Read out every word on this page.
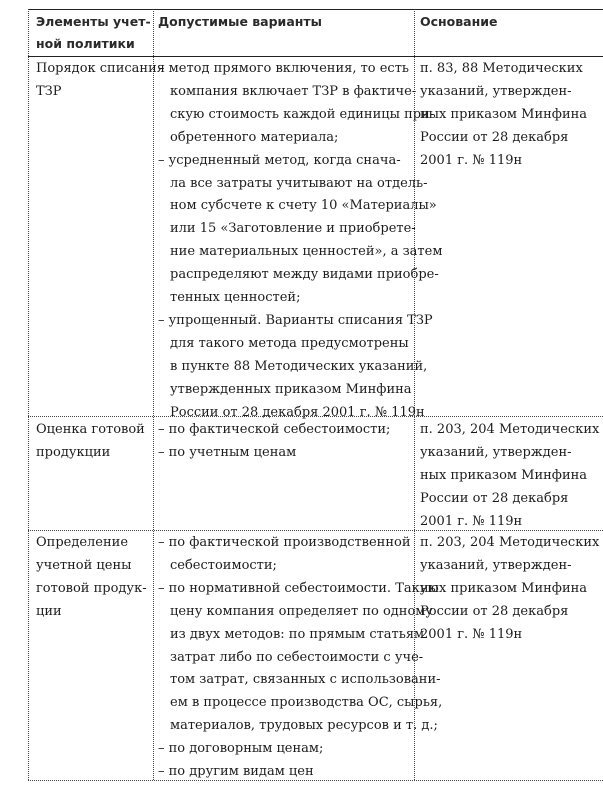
Элементы учет-
ной политики
Допустимые варианты	Основание
Порядок списания
ТЗР
– метод прямого включения, то есть
компания включает ТЗР в фактиче-
скую стоимость каждой единицы при-
обретенного материала;
– усредненный метод, когда снача-
ла все затраты учитывают на отдель-
ном субсчете к счету 10 «Материалы»
или 15 «Заготовление и приобрете-
ние материальных ценностей», а затем
распределяют между видами приобре-
тенных ценностей;
– упрощенный. Варианты списания ТЗР
для такого метода предусмотрены
в пункте 88 Методических указаний,
утвержденных приказом Минфина
России от 28 декабря 2001 г. № 119н
п. 83, 88 Методических
указаний, утвержден-
ных приказом Минфина
России от 28 декабря
2001 г. № 119н
Оценка готовой
продукции
– по фактической себестоимости;
– по учетным ценам
п. 203, 204 Методических
указаний, утвержден-
ных приказом Минфина
России от 28 декабря
2001 г. № 119н
Определение
учетной цены
готовой продук-
ции
– по фактической производственной
себестоимости;
– по нормативной себестоимости. Такую
цену компания определяет по одному
из двух методов: по прямым статьям
затрат либо по себестоимости с уче-
том затрат, связанных с использовани-
ем в процессе производства ОС, сырья,
материалов, трудовых ресурсов и т. д.;
– по договорным ценам;
– по другим видам цен
п. 203, 204 Методических
указаний, утвержден-
ных приказом Минфина
России от 28 декабря
2001 г. № 119н
